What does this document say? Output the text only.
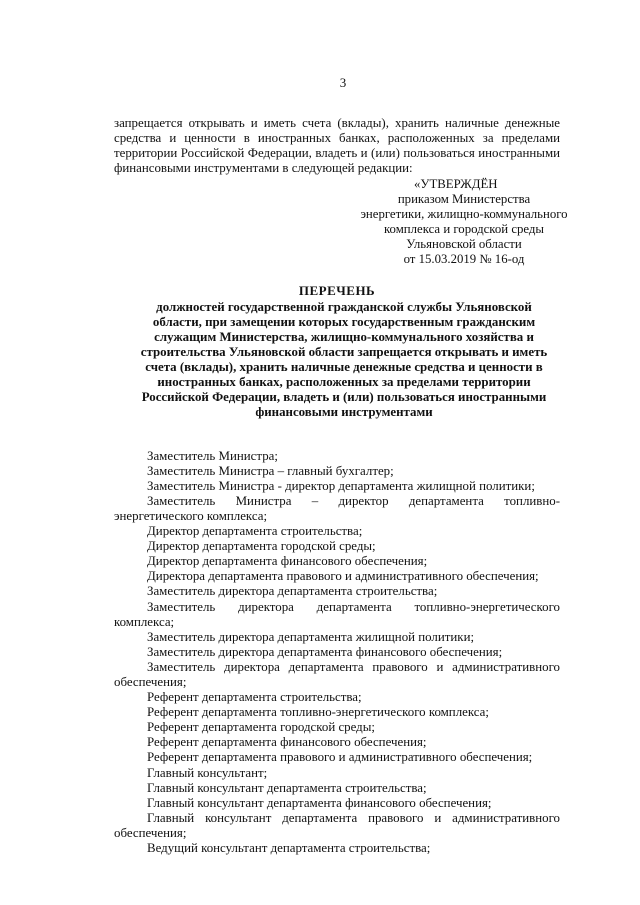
3

запрещается открывать и иметь счета (вклады), хранить наличные денежные средства и ценности в иностранных банках, расположенных за пределами территории Российской Федерации, владеть и (или) пользоваться иностранными финансовыми инструментами в следующей редакции:

«УТВЕРЖДЁН
приказом Министерства
энергетики, жилищно-коммунального
комплекса и городской среды
Ульяновской области
от 15.03.2019 № 16-од
ПЕРЕЧЕНЬ
должностей государственной гражданской службы Ульяновской области, при замещении которых государственным гражданским служащим Министерства, жилищно-коммунального хозяйства и строительства Ульяновской области запрещается открывать и иметь счета (вклады), хранить наличные денежные средства и ценности в иностранных банках, расположенных за пределами территории Российской Федерации, владеть и (или) пользоваться иностранными финансовыми инструментами

Заместитель Министра;

Заместитель Министра – главный бухгалтер;

Заместитель Министра - директор департамента жилищной политики;

Заместитель Министра – директор департамента топливно-энергетического комплекса;

Директор департамента строительства;

Директор департамента городской среды;

Директор департамента финансового обеспечения;

Директора департамента правового и административного обеспечения;

Заместитель директора департамента строительства;

Заместитель директора департамента топливно-энергетического комплекса;

Заместитель директора департамента жилищной политики;

Заместитель директора департамента финансового обеспечения;

Заместитель директора департамента правового и административного обеспечения;

Референт департамента строительства;

Референт департамента топливно-энергетического комплекса;

Референт департамента городской среды;

Референт департамента финансового обеспечения;

Референт департамента правового и административного обеспечения;

Главный консультант;

Главный консультант департамента строительства;

Главный консультант департамента финансового обеспечения;

Главный консультант департамента правового и административного обеспечения;

Ведущий консультант департамента строительства;
